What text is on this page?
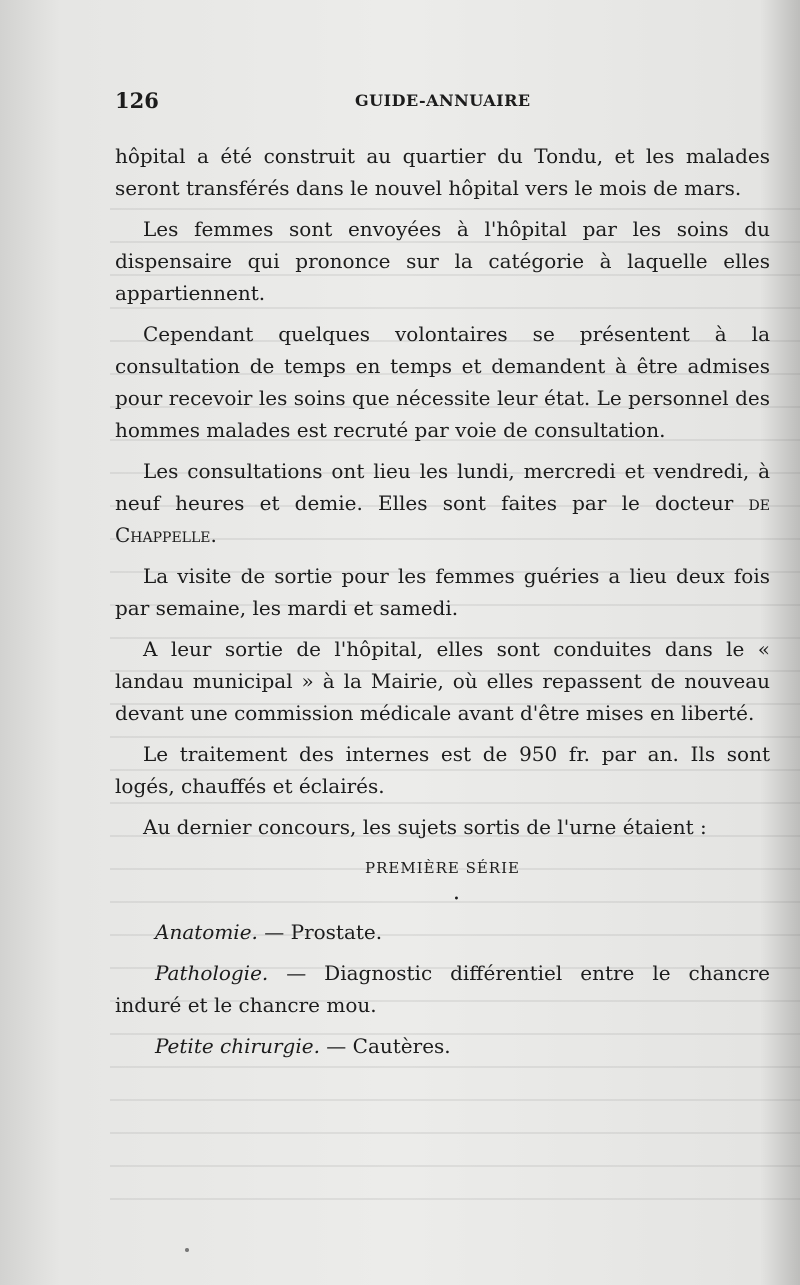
126	GUIDE-ANNUAIRE

hôpital a été construit au quartier du Tondu, et les malades seront transférés dans le nouvel hôpital vers le mois de mars.

Les femmes sont envoyées à l'hôpital par les soins du dispensaire qui prononce sur la catégorie à laquelle elles appartiennent.

Cependant quelques volontaires se présentent à la consultation de temps en temps et demandent à être admises pour recevoir les soins que nécessite leur état. Le personnel des hommes malades est recruté par voie de consultation.

Les consultations ont lieu les lundi, mercredi et vendredi, à neuf heures et demie. Elles sont faites par le docteur de Chappelle.

La visite de sortie pour les femmes guéries a lieu deux fois par semaine, les mardi et samedi.

A leur sortie de l'hôpital, elles sont conduites dans le « landau municipal » à la Mairie, où elles repassent de nouveau devant une commission médicale avant d'être mises en liberté.

Le traitement des internes est de 950 fr. par an. Ils sont logés, chauffés et éclairés.

Au dernier concours, les sujets sortis de l'urne étaient :

PREMIÈRE SÉRIE

•

Anatomie. — Prostate.

Pathologie. — Diagnostic différentiel entre le chancre induré et le chancre mou.

Petite chirurgie. — Cautères.
